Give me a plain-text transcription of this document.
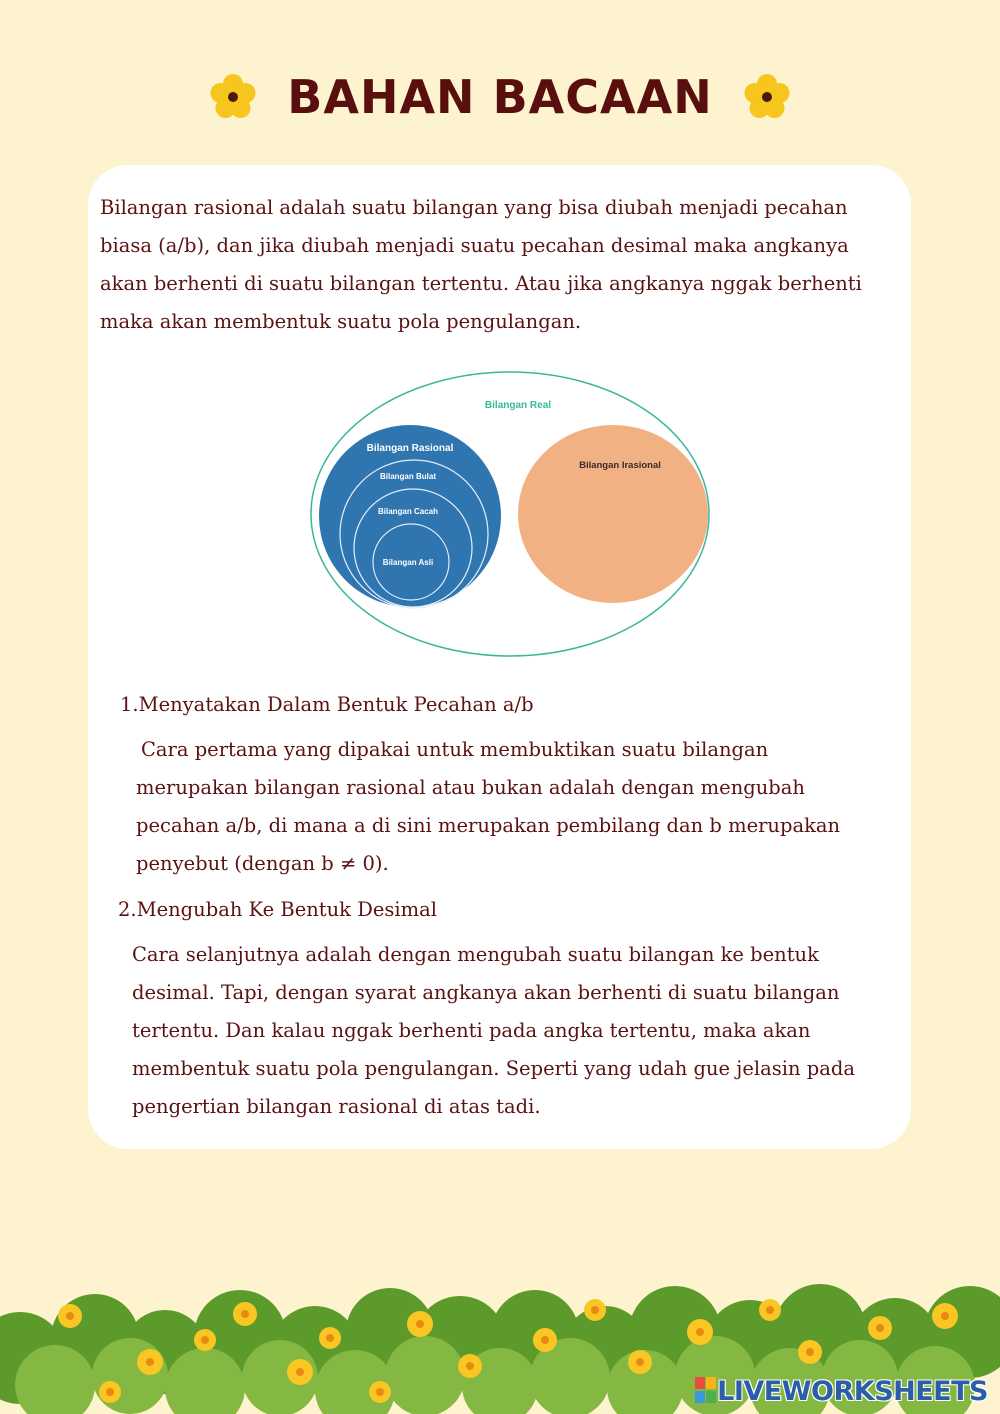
BAHAN BACAAN

Bilangan rasional adalah suatu bilangan yang bisa diubah menjadi pecahan biasa (a/b), dan jika diubah menjadi suatu pecahan desimal maka angkanya akan berhenti di suatu bilangan tertentu. Atau jika angkanya nggak berhenti maka akan membentuk suatu pola pengulangan.

Bilangan Real
Bilangan Rasional
Bilangan Bulat
Bilangan Cacah
Bilangan Asli
Bilangan Irasional

1.Menyatakan Dalam Bentuk Pecahan a/b

Cara pertama yang dipakai untuk membuktikan suatu bilangan merupakan bilangan rasional atau bukan adalah dengan mengubah pecahan a/b, di mana a di sini merupakan pembilang dan b merupakan penyebut (dengan b ≠ 0).

2.Mengubah Ke Bentuk Desimal

Cara selanjutnya adalah dengan mengubah suatu bilangan ke bentuk desimal. Tapi, dengan syarat angkanya akan berhenti di suatu bilangan tertentu. Dan kalau nggak berhenti pada angka tertentu, maka akan membentuk suatu pola pengulangan. Seperti yang udah gue jelasin pada pengertian bilangan rasional di atas tadi.

LIVEWORKSHEETS
